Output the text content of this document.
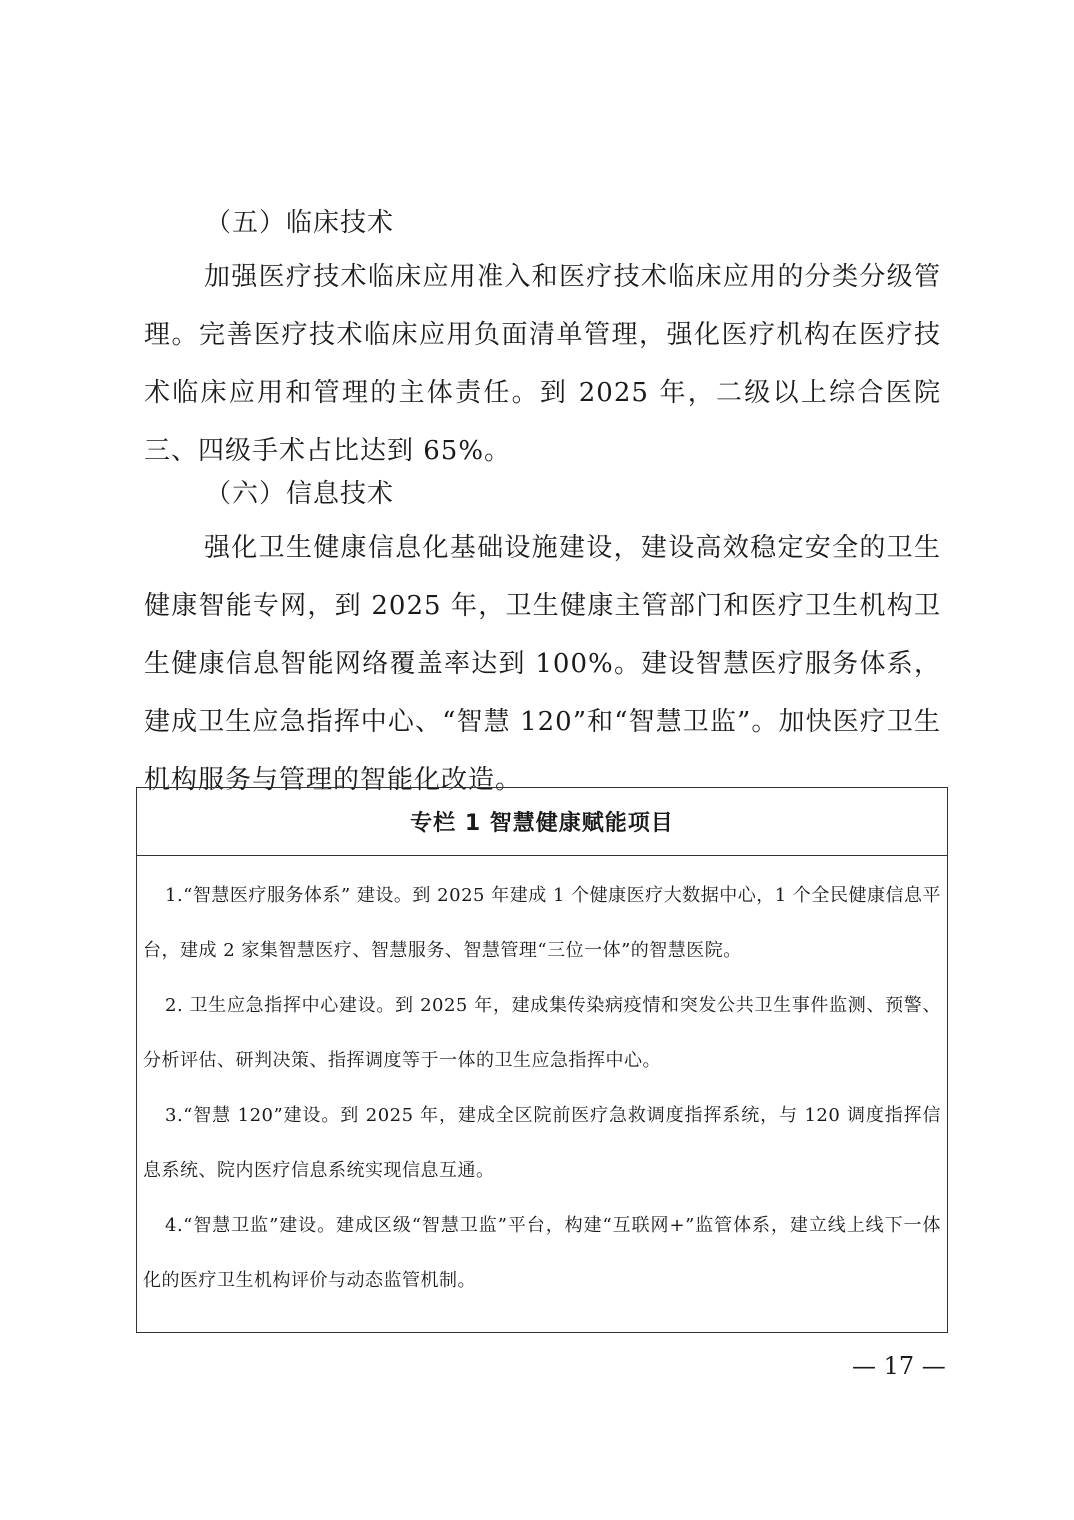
（五）临床技术

加强医疗技术临床应用准入和医疗技术临床应用的分类分级管理。完善医疗技术临床应用负面清单管理，强化医疗机构在医疗技术临床应用和管理的主体责任。到 2025 年，二级以上综合医院三、四级手术占比达到 65%。

（六）信息技术

强化卫生健康信息化基础设施建设，建设高效稳定安全的卫生健康智能专网，到 2025 年，卫生健康主管部门和医疗卫生机构卫生健康信息智能网络覆盖率达到 100%。建设智慧医疗服务体系，建成卫生应急指挥中心、“智慧 120”和“智慧卫监”。加快医疗卫生机构服务与管理的智能化改造。

专栏 1 智慧健康赋能项目

1.“智慧医疗服务体系” 建设。到 2025 年建成 1 个健康医疗大数据中心，1 个全民健康信息平台，建成 2 家集智慧医疗、智慧服务、智慧管理“三位一体”的智慧医院。

2. 卫生应急指挥中心建设。到 2025 年，建成集传染病疫情和突发公共卫生事件监测、预警、分析评估、研判决策、指挥调度等于一体的卫生应急指挥中心。

3.“智慧 120”建设。到 2025 年，建成全区院前医疗急救调度指挥系统，与 120 调度指挥信息系统、院内医疗信息系统实现信息互通。

4.“智慧卫监”建设。建成区级“智慧卫监”平台，构建“互联网+”监管体系，建立线上线下一体化的医疗卫生机构评价与动态监管机制。

— 17 —
